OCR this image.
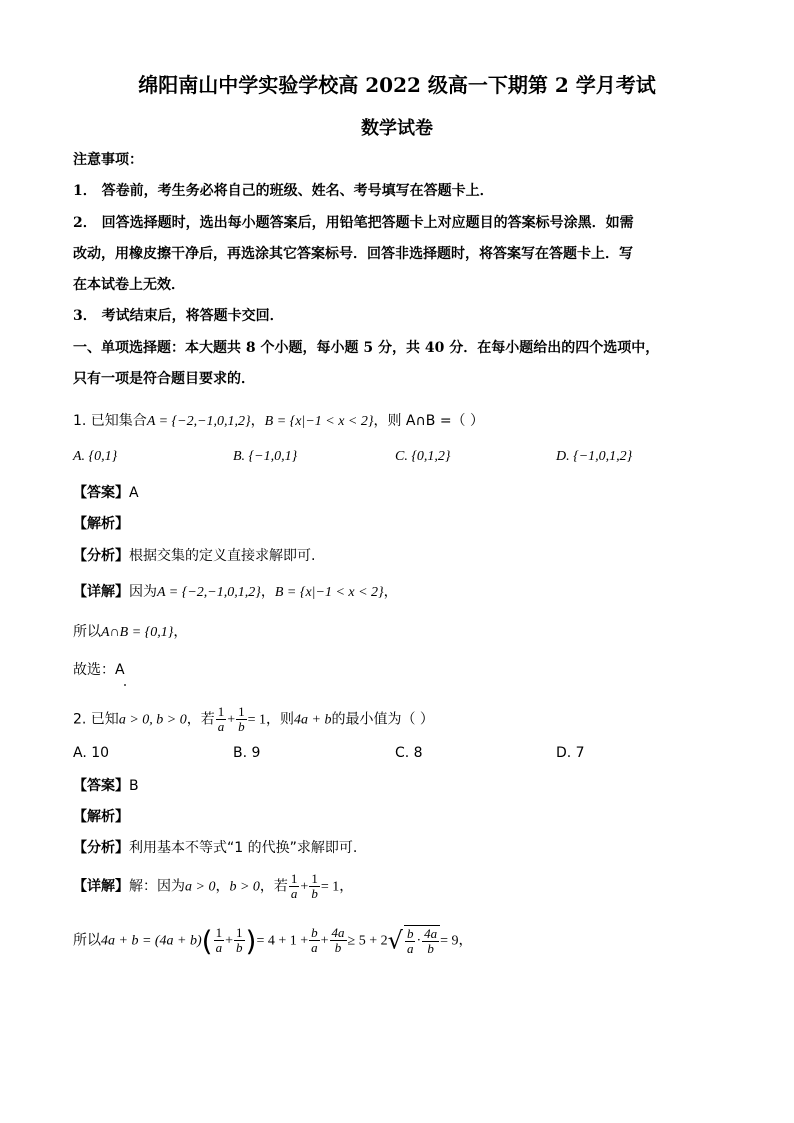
绵阳南山中学实验学校高 2022 级高一下期第 2 学月考试
数学试卷
注意事项：
1． 答卷前，考生务必将自己的班级、姓名、考号填写在答题卡上．
2． 回答选择题时，选出每小题答案后，用铅笔把答题卡上对应题目的答案标号涂黑．如需
改动，用橡皮擦干净后，再选涂其它答案标号．回答非选择题时，将答案写在答题卡上．写
在本试卷上无效．
3． 考试结束后，将答题卡交回．
一、单项选择题：本大题共 8 个小题，每小题 5 分，共 40 分．在每小题给出的四个选项中，
只有一项是符合题目要求的．
1. 已知集合A = {−2,−1,0,1,2}，B = {x|−1 < x < 2}，则 A∩B =（ ）
A. {0,1}	B. {−1,0,1}	C. {0,1,2}	D. {−1,0,1,2}
【答案】A
【解析】
【分析】根据交集的定义直接求解即可.
【详解】因为A = {−2,−1,0,1,2}，B = {x|−1 < x < 2}，
所以A∩B = {0,1}，
故选：A
2. 已知a > 0, b > 0，若 $\frac{1}{a} + \frac{1}{b} = 1$，则4a + b的最小值为（ ）
A. 10	B. 9	C. 8	D. 7
【答案】B
【解析】
【分析】利用基本不等式“1 的代换”求解即可.
【详解】解：因为a > 0，b > 0，若 $\frac{1}{a} + \frac{1}{b} = 1$，
所以$4a + b = (4a + b)( \frac{1}{a} + \frac{1}{b}$ )= $4 + 1 + \frac{b}{a} + \frac{4a}{b} \ge 5 + 2√ \frac{b}{a} \cdot \frac{4a}{b} = 9$，
